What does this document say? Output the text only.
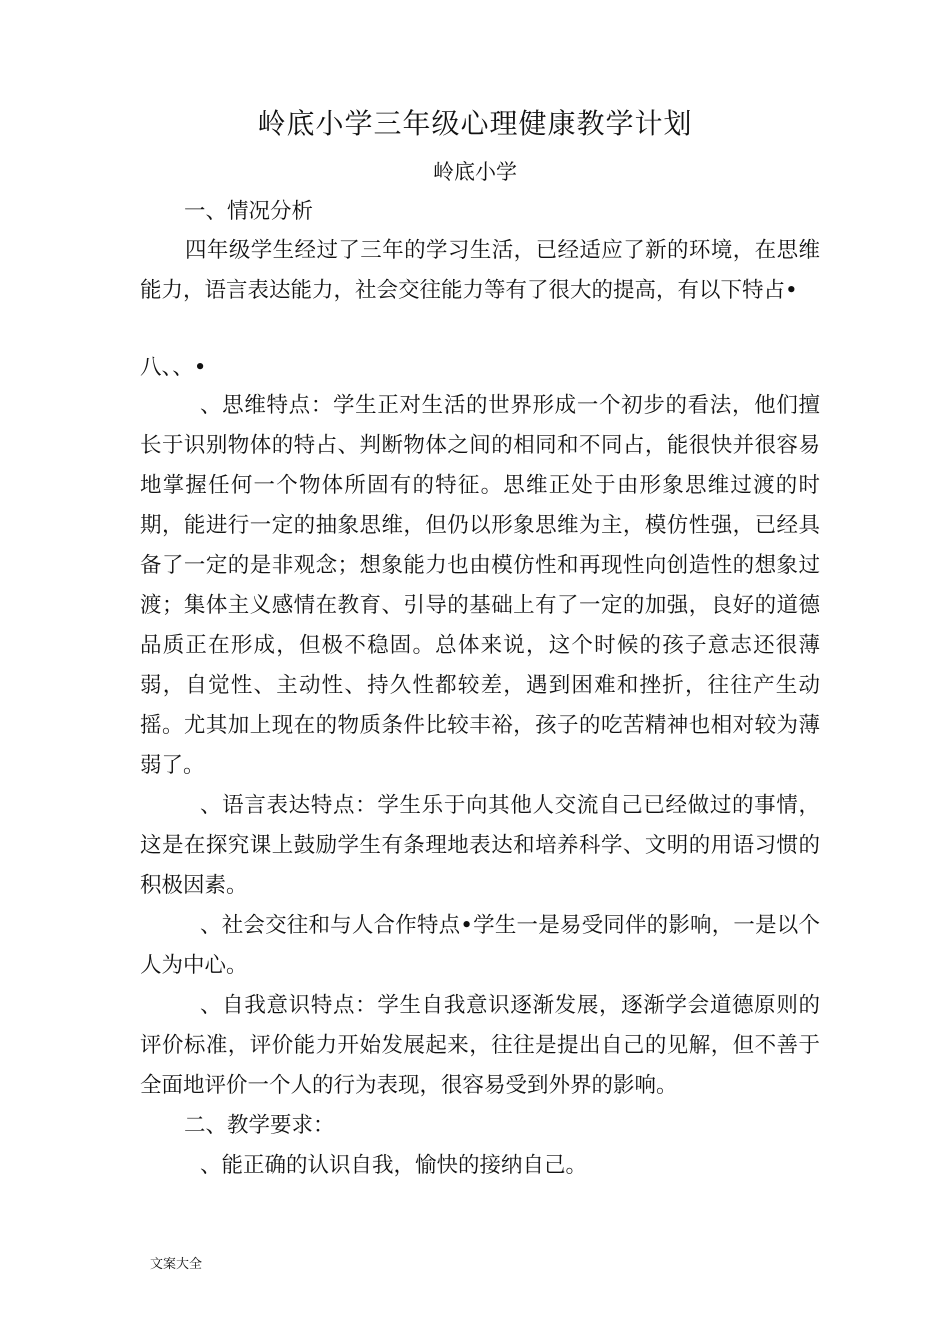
岭底小学三年级心理健康教学计划

岭底小学

一、情况分析

四年级学生经过了三年的学习生活，已经适应了新的环境，在思维能力，语言表达能力，社会交往能力等有了很大的提高，有以下特占•

八、、•

、思维特点：学生正对生活的世界形成一个初步的看法，他们擅长于识别物体的特占、判断物体之间的相同和不同占，能很快并很容易地掌握任何一个物体所固有的特征。思维正处于由形象思维过渡的时期，能进行一定的抽象思维，但仍以形象思维为主，模仿性强，已经具备了一定的是非观念；想象能力也由模仿性和再现性向创造性的想象过渡；集体主义感情在教育、引导的基础上有了一定的加强，良好的道德品质正在形成，但极不稳固。总体来说，这个时候的孩子意志还很薄弱，自觉性、主动性、持久性都较差，遇到困难和挫折，往往产生动摇。尤其加上现在的物质条件比较丰裕，孩子的吃苦精神也相对较为薄弱了。

、语言表达特点：学生乐于向其他人交流自己已经做过的事情，这是在探究课上鼓励学生有条理地表达和培养科学、文明的用语习惯的积极因素。

、社会交往和与人合作特点•学生一是易受同伴的影响，一是以个人为中心。

、自我意识特点：学生自我意识逐渐发展，逐渐学会道德原则的评价标准，评价能力开始发展起来，往往是提出自己的见解，但不善于全面地评价一个人的行为表现，很容易受到外界的影响。

二、教学要求：

、能正确的认识自我，愉快的接纳自己。

文案大全
